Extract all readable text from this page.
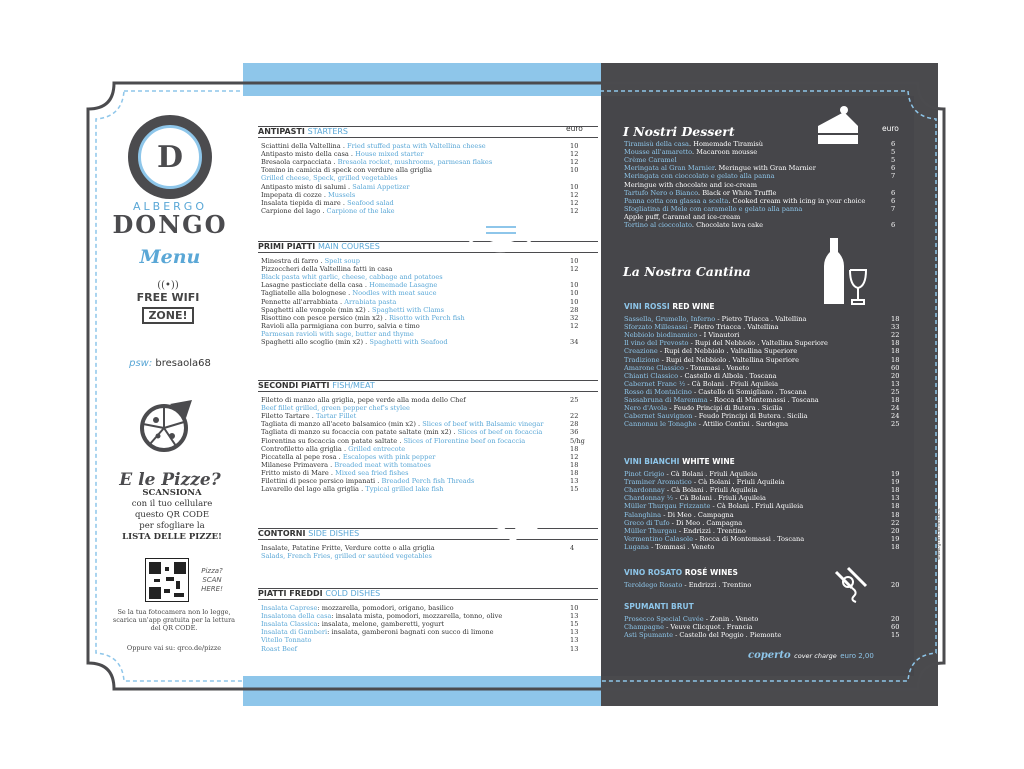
D
ALBERGO
DONGO
Menu
((•))
FREE WIFI
ZONE!
psw: bresaola68
E le Pizze?
SCANSIONA
con il tuo cellulare
questo QR CODE
per sfogliare la
LISTA DELLE PIZZE!
Pizza? SCAN HERE!
Se la tua fotocamera non lo legge, scarica un'app gratuita per la lettura del QR CODE.
Oppure vai su: qrco.de/pizze
euro
ANTIPASTI STARTERS
Sciattini della Valtellina . Fried stuffed pasta with Valtellina cheese	10
Antipasto misto della casa . House mixed starter	12
Bresaola carpacciata . Bresaola rocket, mushrooms, parmesan flakes	12
Tomino in camicia di speck con verdure alla griglia	10
Grilled cheese, Speck, grilled vegetables
Antipasto misto di salumi . Salami Appetizer	10
Impepata di cozze . Mussels	12
Insalata tiepida di mare . Seafood salad	12
Carpione del lago . Carpione of the lake	12
PRIMI PIATTI MAIN COURSES
Minestra di farro . Spelt soup	10
Pizzoccheri della Valtellina fatti in casa	12
Black pasta whit garlic, cheese, cabbage and potatoes
Lasagne pasticciate della casa . Homemade Lasagne	10
Tagliatelle alla bolognese . Noodles with meat sauce	10
Pennette all'arrabbiata . Arrabiata pasta	10
Spaghetti alle vongole (min x2) . Spaghetti with Clams	28
Risottino con pesce persico (min x2) . Risotto with Perch fish	32
Ravioli alla parmigiana con burro, salvia e timo	12
Parmesan ravioli with sage, butter and thyme
Spaghetti allo scoglio (min x2) . Spaghetti with Seafood	34
SECONDI PIATTI FISH/MEAT
Filetto di manzo alla griglia, pepe verde alla moda dello Chef	25
Beef fillet grilled, green pepper chef's stylee
Filetto Tartare . Tartar Fillet	22
Tagliata di manzo all'aceto balsamico (min x2) . Slices of beef with Balsamic vinegar	28
Tagliata di manzo su focaccia con patate saltate (min x2) . Slices of beef on focaccia	36
Fiorentina su focaccia con patate saltate . Slices of Florentine beef on focaccia	5/hg
Controfiletto alla griglia . Grilled entrecote	18
Piccatella al pepe rosa . Escalopes with pink pepper	12
Milanese Primavera . Breaded meat with tomatoes	18
Fritto misto di Mare . Mixed sea fried fishes	18
Filettini di pesce persico impanati . Breaded Perch fish Threads	13
Lavarello del lago alla griglia . Typical grilled lake fish	15
CONTORNI SIDE DISHES
Insalate, Patatine Fritte, Verdure cotte o alla griglia	4
Salads, French Fries, grilled or sautéed vegetables
PIATTI FREDDI COLD DISHES
Insalata Caprese: mozzarella, pomodori, origano, basilico	10
Insalatona della casa: insalata mista, pomodori, mozzarella, tonno, olive	13
Insalata Classica: insalata, melone, gamberetti, yogurt	15
Insalata di Gamberi: insalata, gamberoni bagnati con succo di limone	13
Vitello Tonnato	13
Roast Beef	13
euro
I Nostri Dessert
Tiramisù della casa. Homemade Tiramisù	6
Mousse all'amaretto. Macaroon mousse	5
Crème Caramel	5
Meringata al Gran Marnier. Meringue with Gran Marnier	6
Meringata con cioccolato e gelato alla panna	7
Meringue with chocolate and ice-cream
Tartufo Nero o Bianco. Black or White Truffle	6
Panna cotta con glassa a scelta. Cooked cream with icing in your choice	6
Sfogliatina di Mele con caramello e gelato alla panna	7
Apple puff, Caramel and ice-cream
Tortino al cioccolato. Chocolate lava cake	6
La Nostra Cantina
VINI ROSSI RED WINE
Sassella, Grumello, Inferno - Pietro Triacca . Valtellina	18
Sforzato Millesassi - Pietro Triacca . Valtellina	33
Nebbiolo biodinamico - I Vinautori	22
Il vino del Prevosto - Rupi del Nebbiolo . Valtellina Superiore	18
Creazione - Rupi del Nebbiolo . Valtellina Superiore	18
Tradizione - Rupi del Nebbiolo . Valtellina Superiore	18
Amarone Classico - Tommasi . Veneto	60
Chianti Classico - Castello di Albola . Toscana	20
Cabernet Franc ½ - Cà Bolani . Friuli Aquileia	13
Rosso di Montalcino - Castello di Somigliano . Toscana	25
Sassabruna di Maremma - Rocca di Montemassi . Toscana	18
Nero d'Avola - Feudo Principi di Butera . Sicilia	24
Cabernet Sauvignon - Feudo Principi di Butera . Sicilia	24
Cannonau le Tonaghe - Attilio Contini . Sardegna	25
VINI BIANCHI WHITE WINE
Pinot Grigio - Cà Bolani . Friuli Aquileia	19
Traminer Aromatico - Cà Bolani . Friuli Aquileia	19
Chardonnay - Cà Bolani . Friuli Aquileia	18
Chardonnay ½ - Cà Bolani . Friuli Aquileia	13
Müller Thurgau Frizzante - Cà Bolani . Friuli Aquileia	18
Falanghina - Di Meo . Campagna	18
Greco di Tufo - Di Meo . Campagna	22
Müller Thurgau - Endrizzi . Trentino	20
Vermentino Calasole - Rocca di Montemassi . Toscana	19
Lugana - Tommasi . Veneto	18
VINO ROSATO ROSÉ WINES
Teroldego Rosato - Endrizzi . Trentino	20
SPUMANTI BRUT
Prosecco Special Cuvée - Zonin . Veneto	20
Champagne - Veuve Clicquot . Francia	60
Asti Spumante - Castello del Poggio . Piemonte	15
coperto cover charge euro 2,00
www.graficamente.it
